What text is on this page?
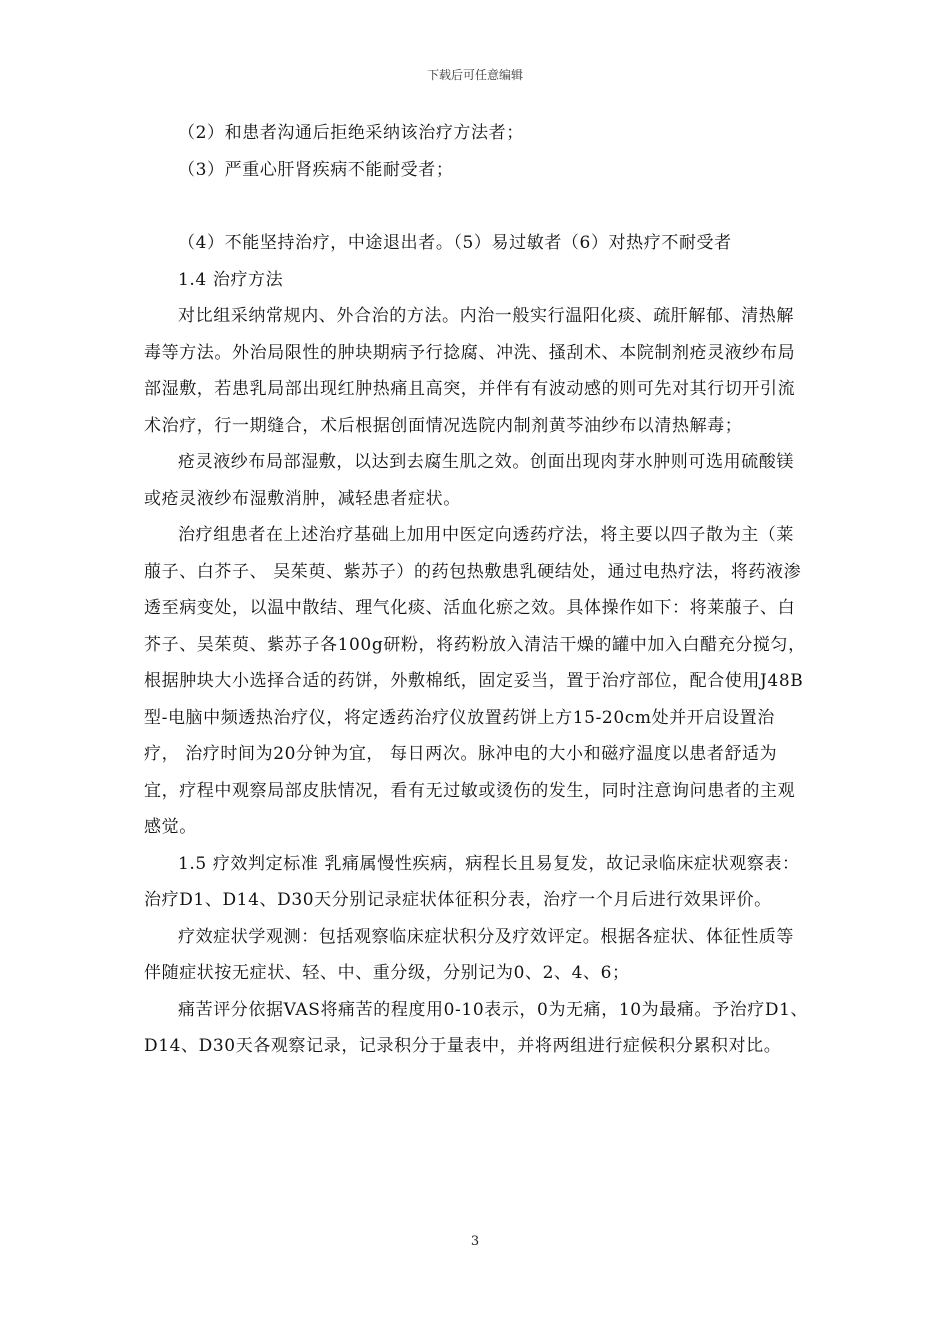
下载后可任意编辑

（2）和患者沟通后拒绝采纳该治疗方法者；

（3）严重心肝肾疾病不能耐受者；

（4）不能坚持治疗，中途退出者。（5）易过敏者（6）对热疗不耐受者

1.4 治疗方法

对比组采纳常规内、外合治的方法。内治一般实行温阳化痰、疏肝解郁、清热解毒等方法。外治局限性的肿块期病予行捻腐、冲洗、搔刮术、本院制剂疮灵液纱布局部湿敷，若患乳局部出现红肿热痛且高突，并伴有有波动感的则可先对其行切开引流术治疗，行一期缝合，术后根据创面情况选院内制剂黄芩油纱布以清热解毒；

疮灵液纱布局部湿敷，以达到去腐生肌之效。创面出现肉芽水肿则可选用硫酸镁或疮灵液纱布湿敷消肿，减轻患者症状。

治疗组患者在上述治疗基础上加用中医定向透药疗法，将主要以四子散为主（莱菔子、白芥子、 吴茱萸、紫苏子）的药包热敷患乳硬结处，通过电热疗法，将药液渗透至病变处，以温中散结、理气化痰、活血化瘀之效。具体操作如下：将莱菔子、白芥子、吴茱萸、紫苏子各100g研粉，将药粉放入清洁干燥的罐中加入白醋充分搅匀，根据肿块大小选择合适的药饼，外敷棉纸，固定妥当，置于治疗部位，配合使用J48B 型-电脑中频透热治疗仪，将定透药治疗仪放置药饼上方15-20cm处并开启设置治疗， 治疗时间为20分钟为宜， 每日两次。脉冲电的大小和磁疗温度以患者舒适为宜，疗程中观察局部皮肤情况，看有无过敏或烫伤的发生，同时注意询问患者的主观感觉。

1.5 疗效判定标准 乳痛属慢性疾病，病程长且易复发，故记录临床症状观察表：治疗D1、D14、D30天分别记录症状体征积分表，治疗一个月后进行效果评价。

疗效症状学观测：包括观察临床症状积分及疗效评定。根据各症状、体征性质等伴随症状按无症状、轻、中、重分级，分别记为0、2、4、6；

痛苦评分依据VAS将痛苦的程度用0-10表示，0为无痛，10为最痛。予治疗D1、D14、D30天各观察记录，记录积分于量表中，并将两组进行症候积分累积对比。

3
